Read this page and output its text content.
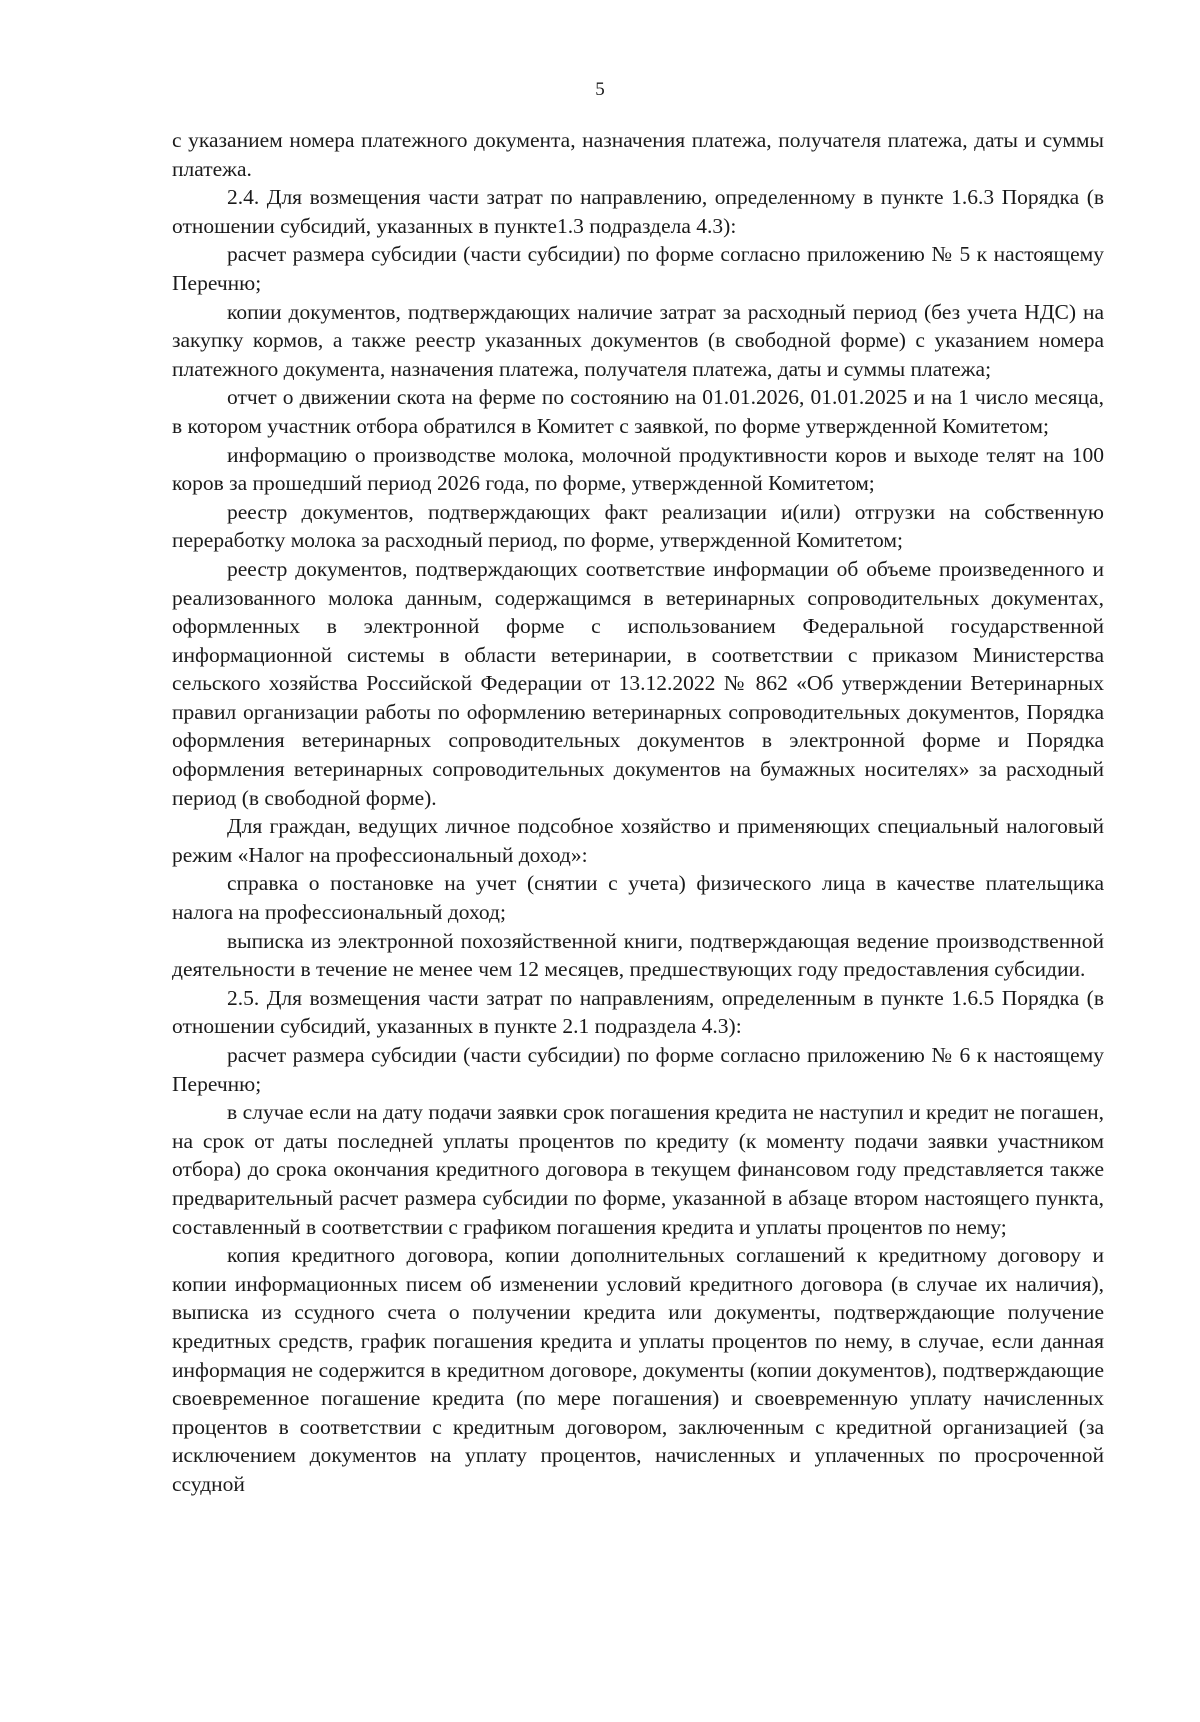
5

с указанием номера платежного документа, назначения платежа, получателя платежа, даты и суммы платежа.

2.4. Для возмещения части затрат по направлению, определенному в пункте 1.6.3 Порядка (в отношении субсидий, указанных в пункте1.3 подраздела 4.3):

расчет размера субсидии (части субсидии) по форме согласно приложению № 5 к настоящему Перечню;

копии документов, подтверждающих наличие затрат за расходный период (без учета НДС) на закупку кормов, а также реестр указанных документов (в свободной форме) с указанием номера платежного документа, назначения платежа, получателя платежа, даты и суммы платежа;

отчет о движении скота на ферме по состоянию на 01.01.2026, 01.01.2025 и на 1 число месяца, в котором участник отбора обратился в Комитет с заявкой, по форме утвержденной Комитетом;

информацию о производстве молока, молочной продуктивности коров и выходе телят на 100 коров за прошедший период 2026 года, по форме, утвержденной Комитетом;

реестр документов, подтверждающих факт реализации и(или) отгрузки на собственную переработку молока за расходный период, по форме, утвержденной Комитетом;

реестр документов, подтверждающих соответствие информации об объеме произведенного и реализованного молока данным, содержащимся в ветеринарных сопроводительных документах, оформленных в электронной форме с использованием Федеральной государственной информационной системы в области ветеринарии, в соответствии с приказом Министерства сельского хозяйства Российской Федерации от 13.12.2022 № 862 «Об утверждении Ветеринарных правил организации работы по оформлению ветеринарных сопроводительных документов, Порядка оформления ветеринарных сопроводительных документов в электронной форме и Порядка оформления ветеринарных сопроводительных документов на бумажных носителях» за расходный период (в свободной форме).

Для граждан, ведущих личное подсобное хозяйство и применяющих специальный налоговый режим «Налог на профессиональный доход»:

справка о постановке на учет (снятии с учета) физического лица в качестве плательщика налога на профессиональный доход;

выписка из электронной похозяйственной книги, подтверждающая ведение производственной деятельности в течение не менее чем 12 месяцев, предшествующих году предоставления субсидии.

2.5. Для возмещения части затрат по направлениям, определенным в пункте 1.6.5 Порядка (в отношении субсидий, указанных в пункте 2.1 подраздела 4.3):

расчет размера субсидии (части субсидии) по форме согласно приложению № 6 к настоящему Перечню;

в случае если на дату подачи заявки срок погашения кредита не наступил и кредит не погашен, на срок от даты последней уплаты процентов по кредиту (к моменту подачи заявки участником отбора) до срока окончания кредитного договора в текущем финансовом году представляется также предварительный расчет размера субсидии по форме, указанной в абзаце втором настоящего пункта, составленный в соответствии с графиком погашения кредита и уплаты процентов по нему;

копия кредитного договора, копии дополнительных соглашений к кредитному договору и копии информационных писем об изменении условий кредитного договора (в случае их наличия), выписка из ссудного счета о получении кредита или документы, подтверждающие получение кредитных средств, график погашения кредита и уплаты процентов по нему, в случае, если данная информация не содержится в кредитном договоре, документы (копии документов), подтверждающие своевременное погашение кредита (по мере погашения) и своевременную уплату начисленных процентов в соответствии с кредитным договором, заключенным с кредитной организацией (за исключением документов на уплату процентов, начисленных и уплаченных по просроченной ссудной
